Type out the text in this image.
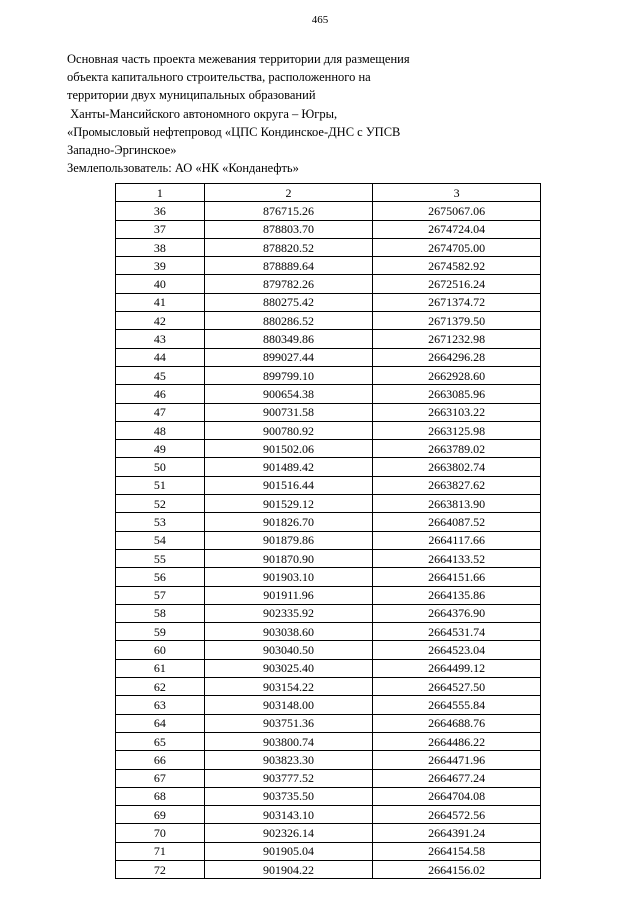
465
Основная часть проекта межевания территории для размещения
объекта капитального строительства, расположенного на
территории двух муниципальных образований
Ханты-Мансийского автономного округа – Югры,
«Промысловый нефтепровод «ЦПС Кондинское-ДНС с УПСВ
Западно-Эргинское»
Землепользователь: АО «НК «Конданефть»
1	2	3
36	876715.26	2675067.06
37	878803.70	2674724.04
38	878820.52	2674705.00
39	878889.64	2674582.92
40	879782.26	2672516.24
41	880275.42	2671374.72
42	880286.52	2671379.50
43	880349.86	2671232.98
44	899027.44	2664296.28
45	899799.10	2662928.60
46	900654.38	2663085.96
47	900731.58	2663103.22
48	900780.92	2663125.98
49	901502.06	2663789.02
50	901489.42	2663802.74
51	901516.44	2663827.62
52	901529.12	2663813.90
53	901826.70	2664087.52
54	901879.86	2664117.66
55	901870.90	2664133.52
56	901903.10	2664151.66
57	901911.96	2664135.86
58	902335.92	2664376.90
59	903038.60	2664531.74
60	903040.50	2664523.04
61	903025.40	2664499.12
62	903154.22	2664527.50
63	903148.00	2664555.84
64	903751.36	2664688.76
65	903800.74	2664486.22
66	903823.30	2664471.96
67	903777.52	2664677.24
68	903735.50	2664704.08
69	903143.10	2664572.56
70	902326.14	2664391.24
71	901905.04	2664154.58
72	901904.22	2664156.02
